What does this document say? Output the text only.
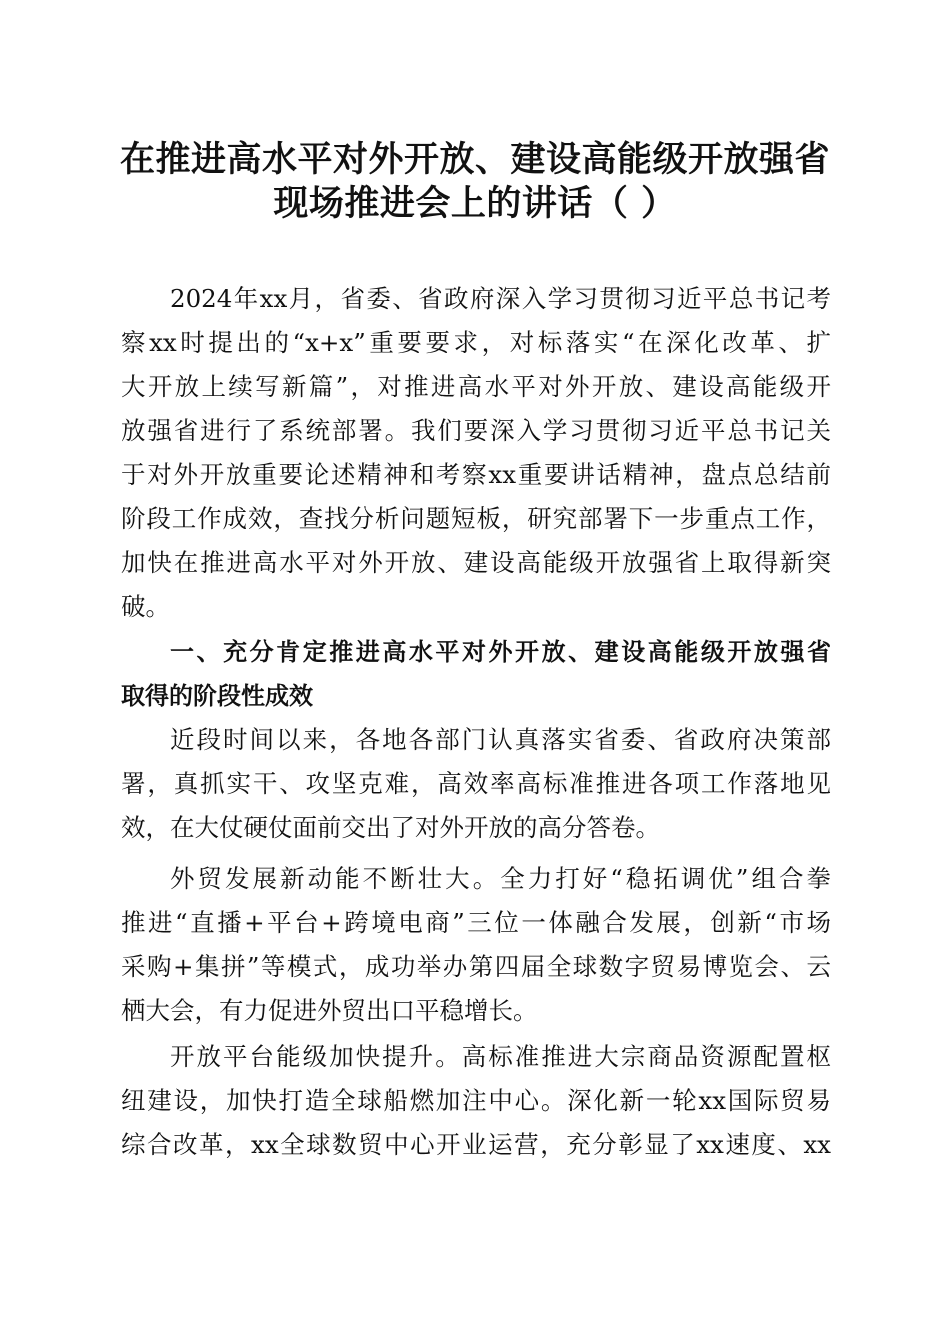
在推进高水平对外开放、建设高能级开放强省
现场推进会上的讲话（ ）
2024年xx月，省委、省政府深入学习贯彻习近平总书记考
察xx时提出的“x+x”重要要求，对标落实“在深化改革、扩
大开放上续写新篇”，对推进高水平对外开放、建设高能级开
放强省进行了系统部署。我们要深入学习贯彻习近平总书记关
于对外开放重要论述精神和考察xx重要讲话精神，盘点总结前
阶段工作成效，查找分析问题短板，研究部署下一步重点工作，
加快在推进高水平对外开放、建设高能级开放强省上取得新突
破。
一、充分肯定推进高水平对外开放、建设高能级开放强省
取得的阶段性成效
近段时间以来，各地各部门认真落实省委、省政府决策部
署，真抓实干、攻坚克难，高效率高标准推进各项工作落地见
效，在大仗硬仗面前交出了对外开放的高分答卷。
外贸发展新动能不断壮大。全力打好“稳拓调优”组合拳
推进“直播+平台+跨境电商”三位一体融合发展，创新“市场
采购+集拼”等模式，成功举办第四届全球数字贸易博览会、云
栖大会，有力促进外贸出口平稳增长。
开放平台能级加快提升。高标准推进大宗商品资源配置枢
纽建设，加快打造全球船燃加注中心。深化新一轮xx国际贸易
综合改革，xx全球数贸中心开业运营，充分彰显了xx速度、xx
